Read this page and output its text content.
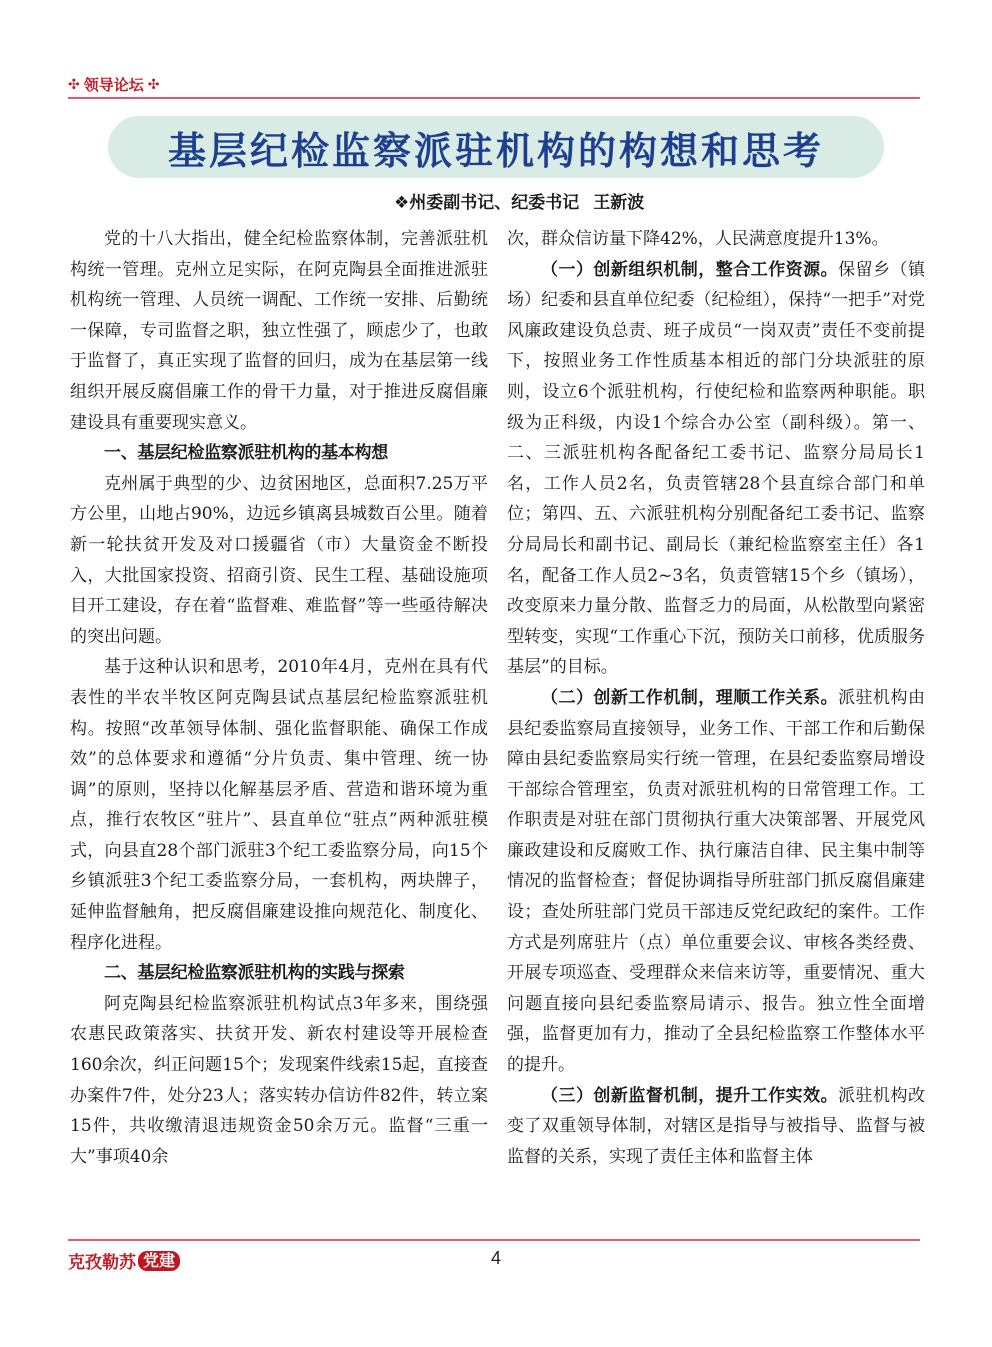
✣ 领导论坛 ✣
基层纪检监察派驻机构的构想和思考
❖州委副书记、纪委书记 王新波

党的十八大指出，健全纪检监察体制，完善派驻机构统一管理。克州立足实际，在阿克陶县全面推进派驻机构统一管理、人员统一调配、工作统一安排、后勤统一保障，专司监督之职，独立性强了，顾虑少了，也敢于监督了，真正实现了监督的回归，成为在基层第一线组织开展反腐倡廉工作的骨干力量，对于推进反腐倡廉建设具有重要现实意义。

一、基层纪检监察派驻机构的基本构想

克州属于典型的少、边贫困地区，总面积7.25万平方公里，山地占90%，边远乡镇离县城数百公里。随着新一轮扶贫开发及对口援疆省（市）大量资金不断投入，大批国家投资、招商引资、民生工程、基础设施项目开工建设，存在着“监督难、难监督”等一些亟待解决的突出问题。

基于这种认识和思考，2010年4月，克州在具有代表性的半农半牧区阿克陶县试点基层纪检监察派驻机构。按照“改革领导体制、强化监督职能、确保工作成效”的总体要求和遵循“分片负责、集中管理、统一协调”的原则，坚持以化解基层矛盾、营造和谐环境为重点，推行农牧区“驻片”、县直单位“驻点”两种派驻模式，向县直28个部门派驻3个纪工委监察分局，向15个乡镇派驻3个纪工委监察分局，一套机构，两块牌子，延伸监督触角，把反腐倡廉建设推向规范化、制度化、程序化进程。

二、基层纪检监察派驻机构的实践与探索

阿克陶县纪检监察派驻机构试点3年多来，围绕强农惠民政策落实、扶贫开发、新农村建设等开展检查160余次，纠正问题15个；发现案件线索15起，直接查办案件7件，处分23人；落实转办信访件82件，转立案15件，共收缴清退违规资金50余万元。监督“三重一大”事项40余

次，群众信访量下降42%，人民满意度提升13%。

（一）创新组织机制，整合工作资源。保留乡（镇场）纪委和县直单位纪委（纪检组），保持“一把手”对党风廉政建设负总责、班子成员“一岗双责”责任不变前提下，按照业务工作性质基本相近的部门分块派驻的原则，设立6个派驻机构，行使纪检和监察两种职能。职级为正科级，内设1个综合办公室（副科级）。第一、二、三派驻机构各配备纪工委书记、监察分局局长1名，工作人员2名，负责管辖28个县直综合部门和单位；第四、五、六派驻机构分别配备纪工委书记、监察分局局长和副书记、副局长（兼纪检监察室主任）各1名，配备工作人员2~3名，负责管辖15个乡（镇场），改变原来力量分散、监督乏力的局面，从松散型向紧密型转变，实现“工作重心下沉，预防关口前移，优质服务基层”的目标。

（二）创新工作机制，理顺工作关系。派驻机构由县纪委监察局直接领导，业务工作、干部工作和后勤保障由县纪委监察局实行统一管理，在县纪委监察局增设干部综合管理室，负责对派驻机构的日常管理工作。工作职责是对驻在部门贯彻执行重大决策部署、开展党风廉政建设和反腐败工作、执行廉洁自律、民主集中制等情况的监督检查；督促协调指导所驻部门抓反腐倡廉建设；查处所驻部门党员干部违反党纪政纪的案件。工作方式是列席驻片（点）单位重要会议、审核各类经费、开展专项巡查、受理群众来信来访等，重要情况、重大问题直接向县纪委监察局请示、报告。独立性全面增强，监督更加有力，推动了全县纪检监察工作整体水平的提升。

（三）创新监督机制，提升工作实效。派驻机构改变了双重领导体制，对辖区是指导与被指导、监督与被监督的关系，实现了责任主体和监督主体

克孜勒苏 党建	4
